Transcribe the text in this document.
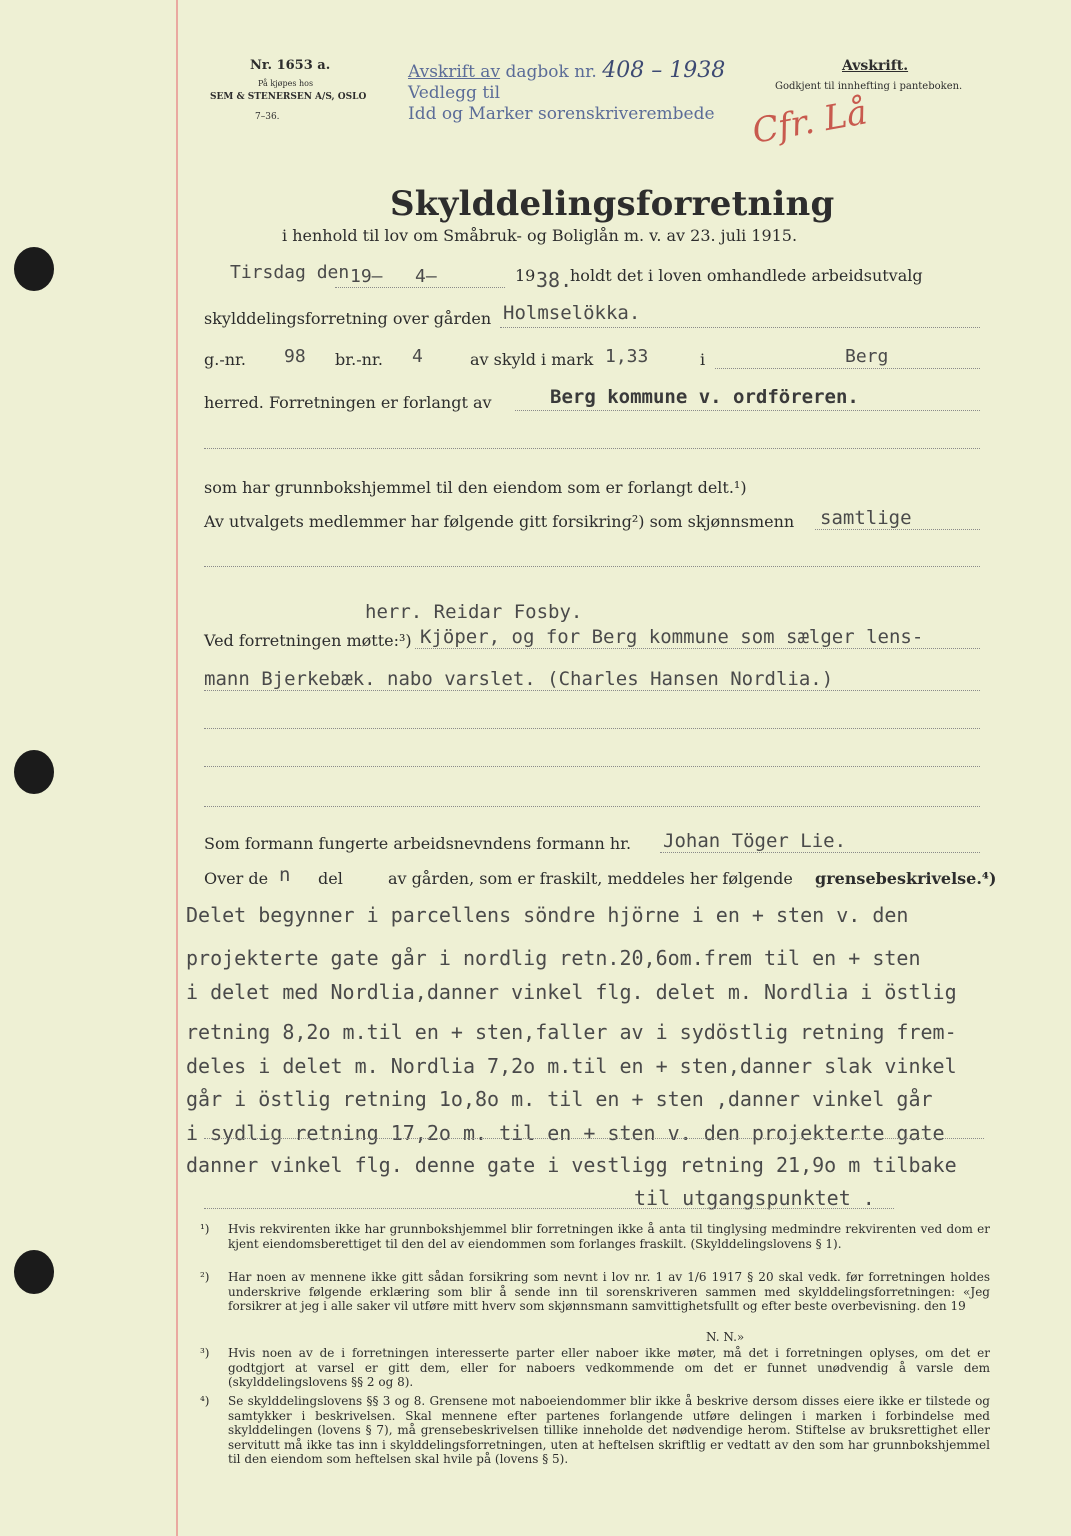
Nr. 1653 a.
På kjøpes hos
SEM & STENERSEN A/S, OSLO
7–36.
Avskrift av dagbok nr. 408 – 1938
Vedlegg til
Idd og Marker sorenskriverembede
Avskrift.
Godkjent til innhefting i panteboken.
Cfr. Lå
Skylddelingsforretning
i henhold til lov om Småbruk- og Boliglån m. v. av 23. juli 1915.
Tirsdag den 19– 4–	19 38.
holdt det i loven omhandlede arbeidsutvalg
skylddelingsforretning over gården Holmselökka.
g.-nr. 98 br.-nr. 4	av skyld i mark 1,33	i	Berg
herred. Forretningen er forlangt av	Berg kommune v. ordföreren.
som har grunnbokshjemmel til den eiendom som er forlangt delt.¹)
Av utvalgets medlemmer har følgende gitt forsikring²) som skjønnsmenn samtlige
herr. Reidar Fosby.
Ved forretningen møtte:³) Kjöper, og for Berg kommune som sælger lens-
mann Bjerkebæk. nabo varslet. (Charles Hansen Nordlia.)
Som formann fungerte arbeidsnevndens formann hr. Johan Töger Lie.
Over de n del	av gården, som er fraskilt, meddeles her følgende grensebeskrivelse.⁴)
Delet begynner i parcellens söndre hjörne i en + sten v. den
projekterte gate går i nordlig retn.20,6om.frem til en + sten
i delet med Nordlia,danner vinkel flg. delet m. Nordlia i östlig
retning 8,2o m.til en + sten,faller av i sydöstlig retning frem-
deles i delet m. Nordlia 7,2o m.til en + sten,danner slak vinkel
går i östlig retning 1o,8o m. til en + sten ,danner vinkel går
i sydlig retning 17,2o m. til en + sten v. den projekterte gate
danner vinkel flg. denne gate i vestligg retning 21,9o m tilbake
til utgangspunktet .
¹) Hvis rekvirenten ikke har grunnbokshjemmel blir forretningen ikke å anta til tinglysing medmindre rekvirenten ved dom er kjent eiendomsberettiget til den del av eiendommen som forlanges fraskilt. (Skylddelingslovens § 1).
²) Har noen av mennene ikke gitt sådan forsikring som nevnt i lov nr. 1 av 1/6 1917 § 20 skal vedk. før forretningen holdes underskrive følgende erklæring som blir å sende inn til sorenskriveren sammen med skylddelingsforretningen: «Jeg forsikrer at jeg i alle saker vil utføre mitt hverv som skjønnsmann samvittighetsfullt og efter beste overbevisning. den 19
N. N.»
³) Hvis noen av de i forretningen interesserte parter eller naboer ikke møter, må det i forretningen oplyses, om det er godtgjort at varsel er gitt dem, eller for naboers vedkommende om det er funnet unødvendig å varsle dem (skylddelingslovens §§ 2 og 8).
⁴) Se skylddelingslovens §§ 3 og 8. Grensene mot naboeiendommer blir ikke å beskrive dersom disses eiere ikke er tilstede og samtykker i beskrivelsen. Skal mennene efter partenes forlangende utføre delingen i marken i forbindelse med skylddelingen (lovens § 7), må grensebeskrivelsen tillike inneholde det nødvendige herom. Stiftelse av bruksrettighet eller servitutt må ikke tas inn i skylddelingsforretningen, uten at heftelsen skriftlig er vedtatt av den som har grunnbokshjemmel til den eiendom som heftelsen skal hvile på (lovens § 5).
